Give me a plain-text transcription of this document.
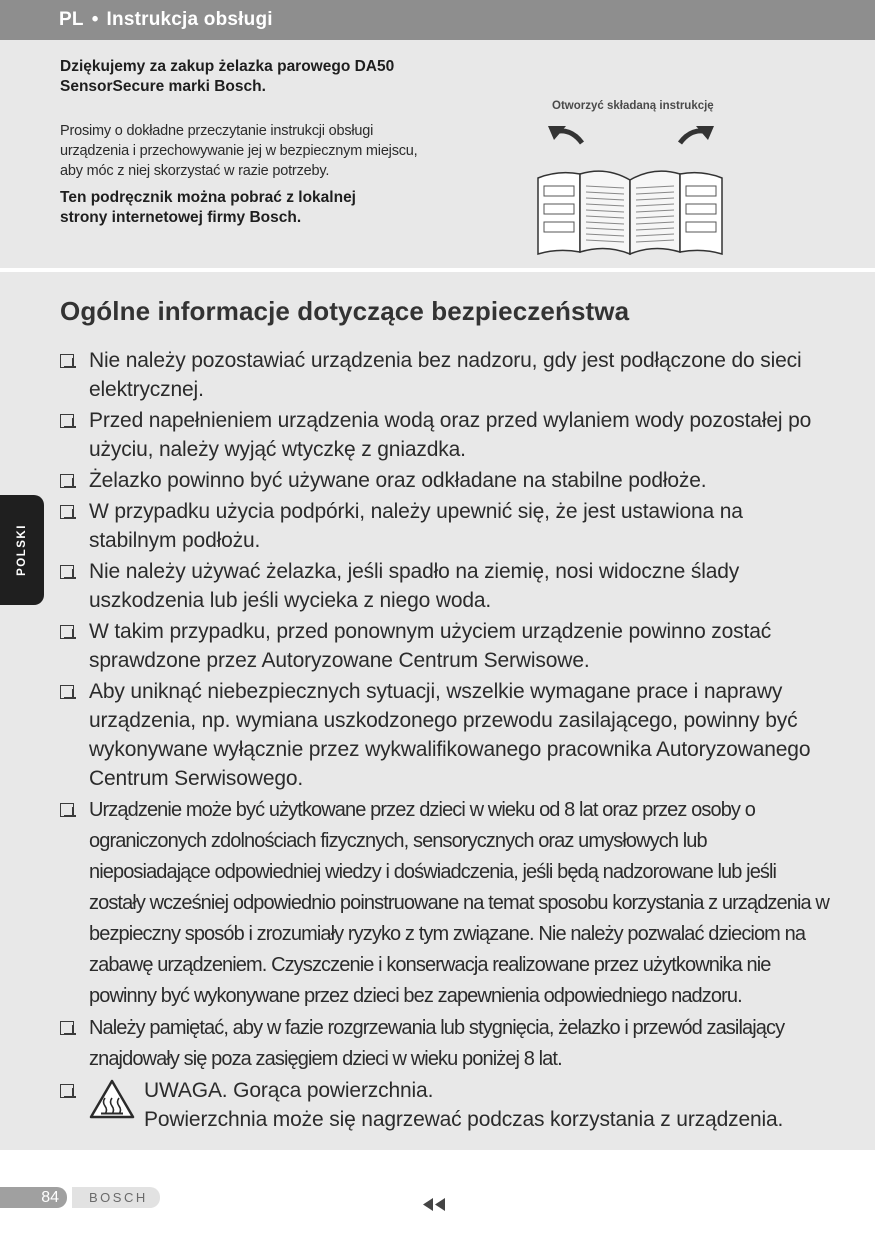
PL • Instrukcja obsługi
Dziękujemy za zakup żelazka parowego DA50 SensorSecure marki Bosch.
Prosimy o dokładne przeczytanie instrukcji obsługi urządzenia i przechowywanie jej w bezpiecznym miejscu, aby móc z niej skorzystać w razie potrzeby.
Ten podręcznik można pobrać z lokalnej strony internetowej firmy Bosch.
Otworzyć składaną instrukcję
Ogólne informacje dotyczące bezpieczeństwa
Nie należy pozostawiać urządzenia bez nadzoru, gdy jest podłączone do sieci elektrycznej.
Przed napełnieniem urządzenia wodą oraz przed wylaniem wody pozostałej po użyciu, należy wyjąć wtyczkę z gniazdka.
Żelazko powinno być używane oraz odkładane na stabilne podłoże.
W przypadku użycia podpórki, należy upewnić się, że jest ustawiona na stabilnym podłożu.
Nie należy używać żelazka, jeśli spadło na ziemię, nosi widoczne ślady uszkodzenia lub jeśli wycieka z niego woda.
W takim przypadku, przed ponownym użyciem urządzenie powinno zostać sprawdzone przez Autoryzowane Centrum Serwisowe.
Aby uniknąć niebezpiecznych sytuacji, wszelkie wymagane prace i naprawy urządzenia, np. wymiana uszkodzonego przewodu zasilającego, powinny być wykonywane wyłącznie przez wykwalifikowanego pracownika Autoryzowanego Centrum Serwisowego.
Urządzenie może być użytkowane przez dzieci w wieku od 8 lat oraz przez osoby o ograniczonych zdolnościach fizycznych, sensorycznych oraz umysłowych lub nieposiadające odpowiedniej wiedzy i doświadczenia, jeśli będą nadzorowane lub jeśli zostały wcześniej odpowiednio poinstruowane na temat sposobu korzystania z urządzenia w bezpieczny sposób i zrozumiały ryzyko z tym związane. Nie należy pozwalać dzieciom na zabawę urządzeniem. Czyszczenie i konserwacja realizowane przez użytkownika nie powinny być wykonywane przez dzieci bez zapewnienia odpowiedniego nadzoru.
Należy pamiętać, aby w fazie rozgrzewania lub stygnięcia, żelazko i przewód zasilający znajdowały się poza zasięgiem dzieci w wieku poniżej 8 lat.
UWAGA. Gorąca powierzchnia.
Powierzchnia może się nagrzewać podczas korzystania z urządzenia.
POLSKI
84	BOSCH
